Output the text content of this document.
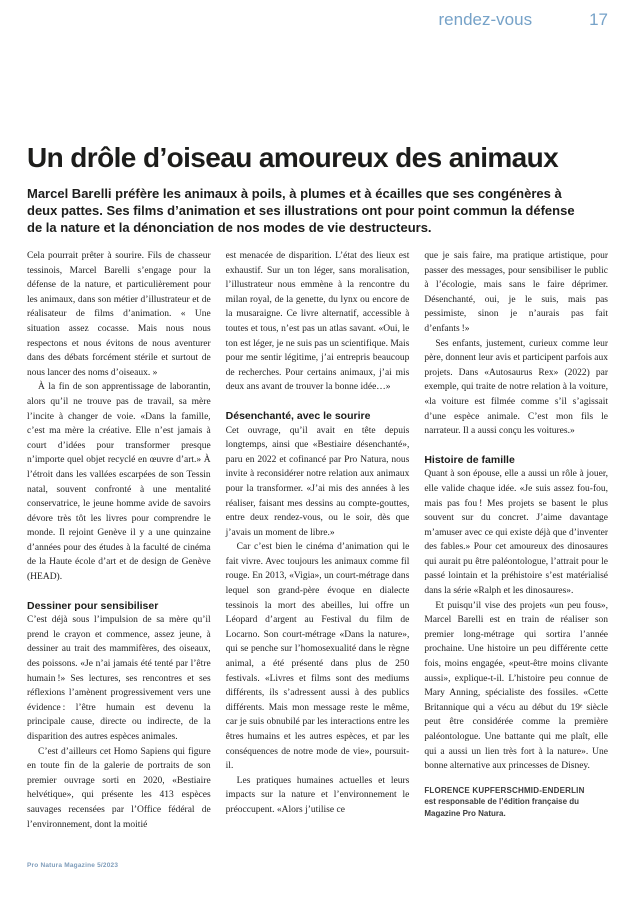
rendez-vous	17
Un drôle d’oiseau amoureux des animaux

Marcel Barelli préfère les animaux à poils, à plumes et à écailles que ses congénères à deux pattes. Ses films d’animation et ses illustrations ont pour point commun la défense de la nature et la dénonciation de nos modes de vie destructeurs.

Cela pourrait prêter à sourire. Fils de chasseur tessinois, Marcel Barelli s’engage pour la défense de la nature, et particulièrement pour les animaux, dans son métier d’illustrateur et de réalisateur de films d’animation. « Une situation assez cocasse. Mais nous nous respectons et nous évitons de nous aventurer dans des débats forcément stérile et surtout de nous lancer des noms d’oiseaux. »

À la fin de son apprentissage de laborantin, alors qu’il ne trouve pas de travail, sa mère l’incite à changer de voie. «Dans la famille, c’est ma mère la créative. Elle n’est jamais à court d’idées pour transformer presque n’importe quel objet recyclé en œuvre d’art.» À l’étroit dans les vallées escarpées de son Tessin natal, souvent confronté à une mentalité conservatrice, le jeune homme avide de savoirs dévore très tôt les livres pour comprendre le monde. Il rejoint Genève il y a une quinzaine d’années pour des études à la faculté de cinéma de la Haute école d’art et de design de Genève (HEAD).

Dessiner pour sensibiliser

C’est déjà sous l’impulsion de sa mère qu’il prend le crayon et commence, assez jeune, à dessiner au trait des mammifères, des oiseaux, des poissons. «Je n’ai jamais été tenté par l’être humain !» Ses lectures, ses rencontres et ses réflexions l’amènent progressivement vers une évidence : l’être humain est devenu la principale cause, directe ou indirecte, de la disparition des autres espèces animales.

C’est d’ailleurs cet Homo Sapiens qui figure en toute fin de la galerie de portraits de son premier ouvrage sorti en 2020, «Bestiaire helvétique», qui présente les 413 espèces sauvages recensées par l’Office fédéral de l’environnement, dont la moitié

est menacée de disparition. L’état des lieux est exhaustif. Sur un ton léger, sans moralisation, l’illustrateur nous emmène à la rencontre du milan royal, de la genette, du lynx ou encore de la musaraigne. Ce livre alternatif, accessible à toutes et tous, n’est pas un atlas savant. «Oui, le ton est léger, je ne suis pas un scientifique. Mais pour me sentir légitime, j’ai entrepris beaucoup de recherches. Pour certains animaux, j’ai mis deux ans avant de trouver la bonne idée…»

Désenchanté, avec le sourire

Cet ouvrage, qu’il avait en tête depuis longtemps, ainsi que «Bestiaire désenchanté», paru en 2022 et cofinancé par Pro Natura, nous invite à reconsidérer notre relation aux animaux pour la transformer. «J’ai mis des années à les réaliser, faisant mes dessins au compte-gouttes, entre deux rendez-vous, ou le soir, dès que j’avais un moment de libre.»

Car c’est bien le cinéma d’animation qui le fait vivre. Avec toujours les animaux comme fil rouge. En 2013, «Vigia», un court-métrage dans lequel son grand-père évoque en dialecte tessinois la mort des abeilles, lui offre un Léopard d’argent au Festival du film de Locarno. Son court-métrage «Dans la nature», qui se penche sur l’homosexualité dans le règne animal, a été présenté dans plus de 250 festivals. «Livres et films sont des mediums différents, ils s’adressent aussi à des publics différents. Mais mon message reste le même, car je suis obnubilé par les interactions entre les êtres humains et les autres espèces, et par les conséquences de notre mode de vie», poursuit-il.

Les pratiques humaines actuelles et leurs impacts sur la nature et l’environnement le préoccupent. «Alors j’utilise ce

que je sais faire, ma pratique artistique, pour passer des messages, pour sensibiliser le public à l’écologie, mais sans le faire déprimer. Désenchanté, oui, je le suis, mais pas pessimiste, sinon je n’aurais pas fait d’enfants !»

Ses enfants, justement, curieux comme leur père, donnent leur avis et participent parfois aux projets. Dans «Autosaurus Rex» (2022) par exemple, qui traite de notre relation à la voiture, «la voiture est filmée comme s’il s’agissait d’une espèce animale. C’est mon fils le narrateur. Il a aussi conçu les voitures.»

Histoire de famille

Quant à son épouse, elle a aussi un rôle à jouer, elle valide chaque idée. «Je suis assez fou-fou, mais pas fou ! Mes projets se basent le plus souvent sur du concret. J’aime davantage m’amuser avec ce qui existe déjà que d’inventer des fables.» Pour cet amoureux des dinosaures qui aurait pu être paléontologue, l’attrait pour le passé lointain et la préhistoire s’est matérialisé dans la série «Ralph et les dinosaures».

Et puisqu’il vise des projets «un peu fous», Marcel Barelli est en train de réaliser son premier long-métrage qui sortira l’année prochaine. Une histoire un peu différente cette fois, moins engagée, «peut-être moins clivante aussi», explique-t-il. L’histoire peu connue de Mary Anning, spécialiste des fossiles. «Cette Britannique qui a vécu au début du 19ᵉ siècle peut être considérée comme la première paléontologue. Une battante qui me plaît, elle qui a aussi un lien très fort à la nature». Une bonne alternative aux princesses de Disney.

FLORENCE KUPFERSCHMID-ENDERLIN
est responsable de l’édition française du Magazine Pro Natura.
Pro Natura Magazine 5/2023
